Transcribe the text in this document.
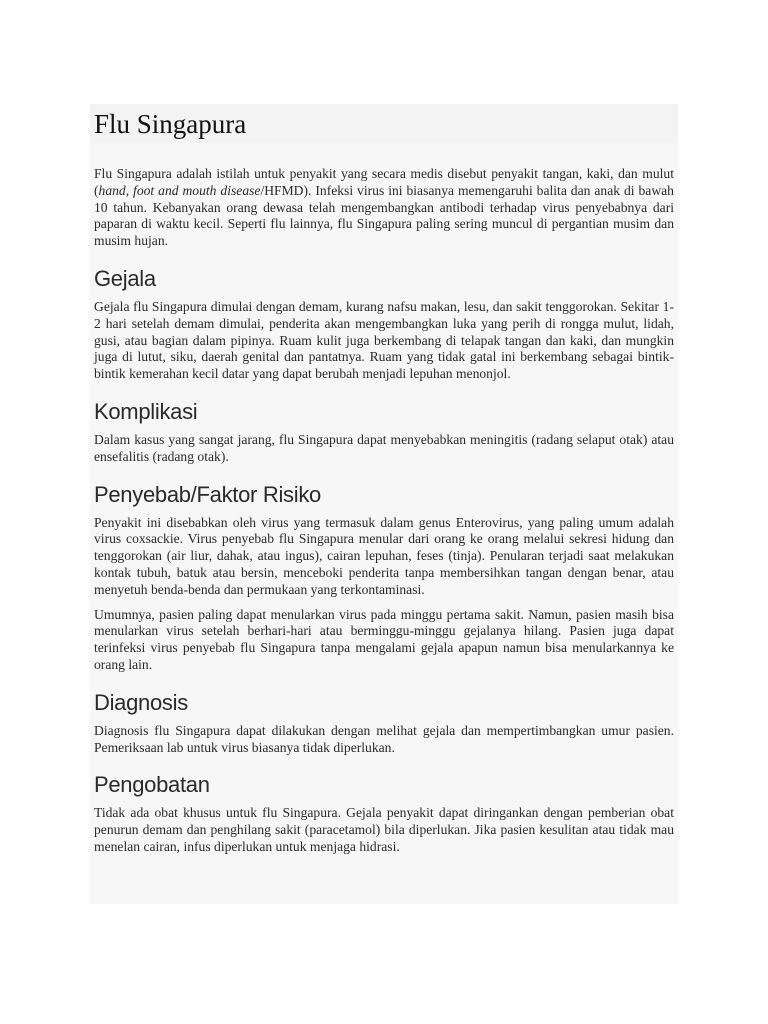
Flu Singapura

Flu Singapura adalah istilah untuk penyakit yang secara medis disebut penyakit tangan, kaki, dan mulut (hand, foot and mouth disease/HFMD). Infeksi virus ini biasanya memengaruhi balita dan anak di bawah 10 tahun. Kebanyakan orang dewasa telah mengembangkan antibodi terhadap virus penyebabnya dari paparan di waktu kecil. Seperti flu lainnya, flu Singapura paling sering muncul di pergantian musim dan musim hujan.

Gejala

Gejala flu Singapura dimulai dengan demam, kurang nafsu makan, lesu, dan sakit tenggorokan. Sekitar 1-2 hari setelah demam dimulai, penderita akan mengembangkan luka yang perih di rongga mulut, lidah, gusi, atau bagian dalam pipinya. Ruam kulit juga berkembang di telapak tangan dan kaki, dan mungkin juga di lutut, siku, daerah genital dan pantatnya. Ruam yang tidak gatal ini berkembang sebagai bintik-bintik kemerahan kecil datar yang dapat berubah menjadi lepuhan menonjol.

Komplikasi

Dalam kasus yang sangat jarang, flu Singapura dapat menyebabkan meningitis (radang selaput otak) atau ensefalitis (radang otak).

Penyebab/Faktor Risiko

Penyakit ini disebabkan oleh virus yang termasuk dalam genus Enterovirus, yang paling umum adalah virus coxsackie. Virus penyebab flu Singapura menular dari orang ke orang melalui sekresi hidung dan tenggorokan (air liur, dahak, atau ingus), cairan lepuhan, feses (tinja). Penularan terjadi saat melakukan kontak tubuh, batuk atau bersin, menceboki penderita tanpa membersihkan tangan dengan benar, atau menyetuh benda-benda dan permukaan yang terkontaminasi.

Umumnya, pasien paling dapat menularkan virus pada minggu pertama sakit. Namun, pasien masih bisa menularkan virus setelah berhari-hari atau berminggu-minggu gejalanya hilang. Pasien juga dapat terinfeksi virus penyebab flu Singapura tanpa mengalami gejala apapun namun bisa menularkannya ke orang lain.

Diagnosis

Diagnosis flu Singapura dapat dilakukan dengan melihat gejala dan mempertimbangkan umur pasien. Pemeriksaan lab untuk virus biasanya tidak diperlukan.

Pengobatan

Tidak ada obat khusus untuk flu Singapura. Gejala penyakit dapat diringankan dengan pemberian obat penurun demam dan penghilang sakit (paracetamol) bila diperlukan. Jika pasien kesulitan atau tidak mau menelan cairan, infus diperlukan untuk menjaga hidrasi.
